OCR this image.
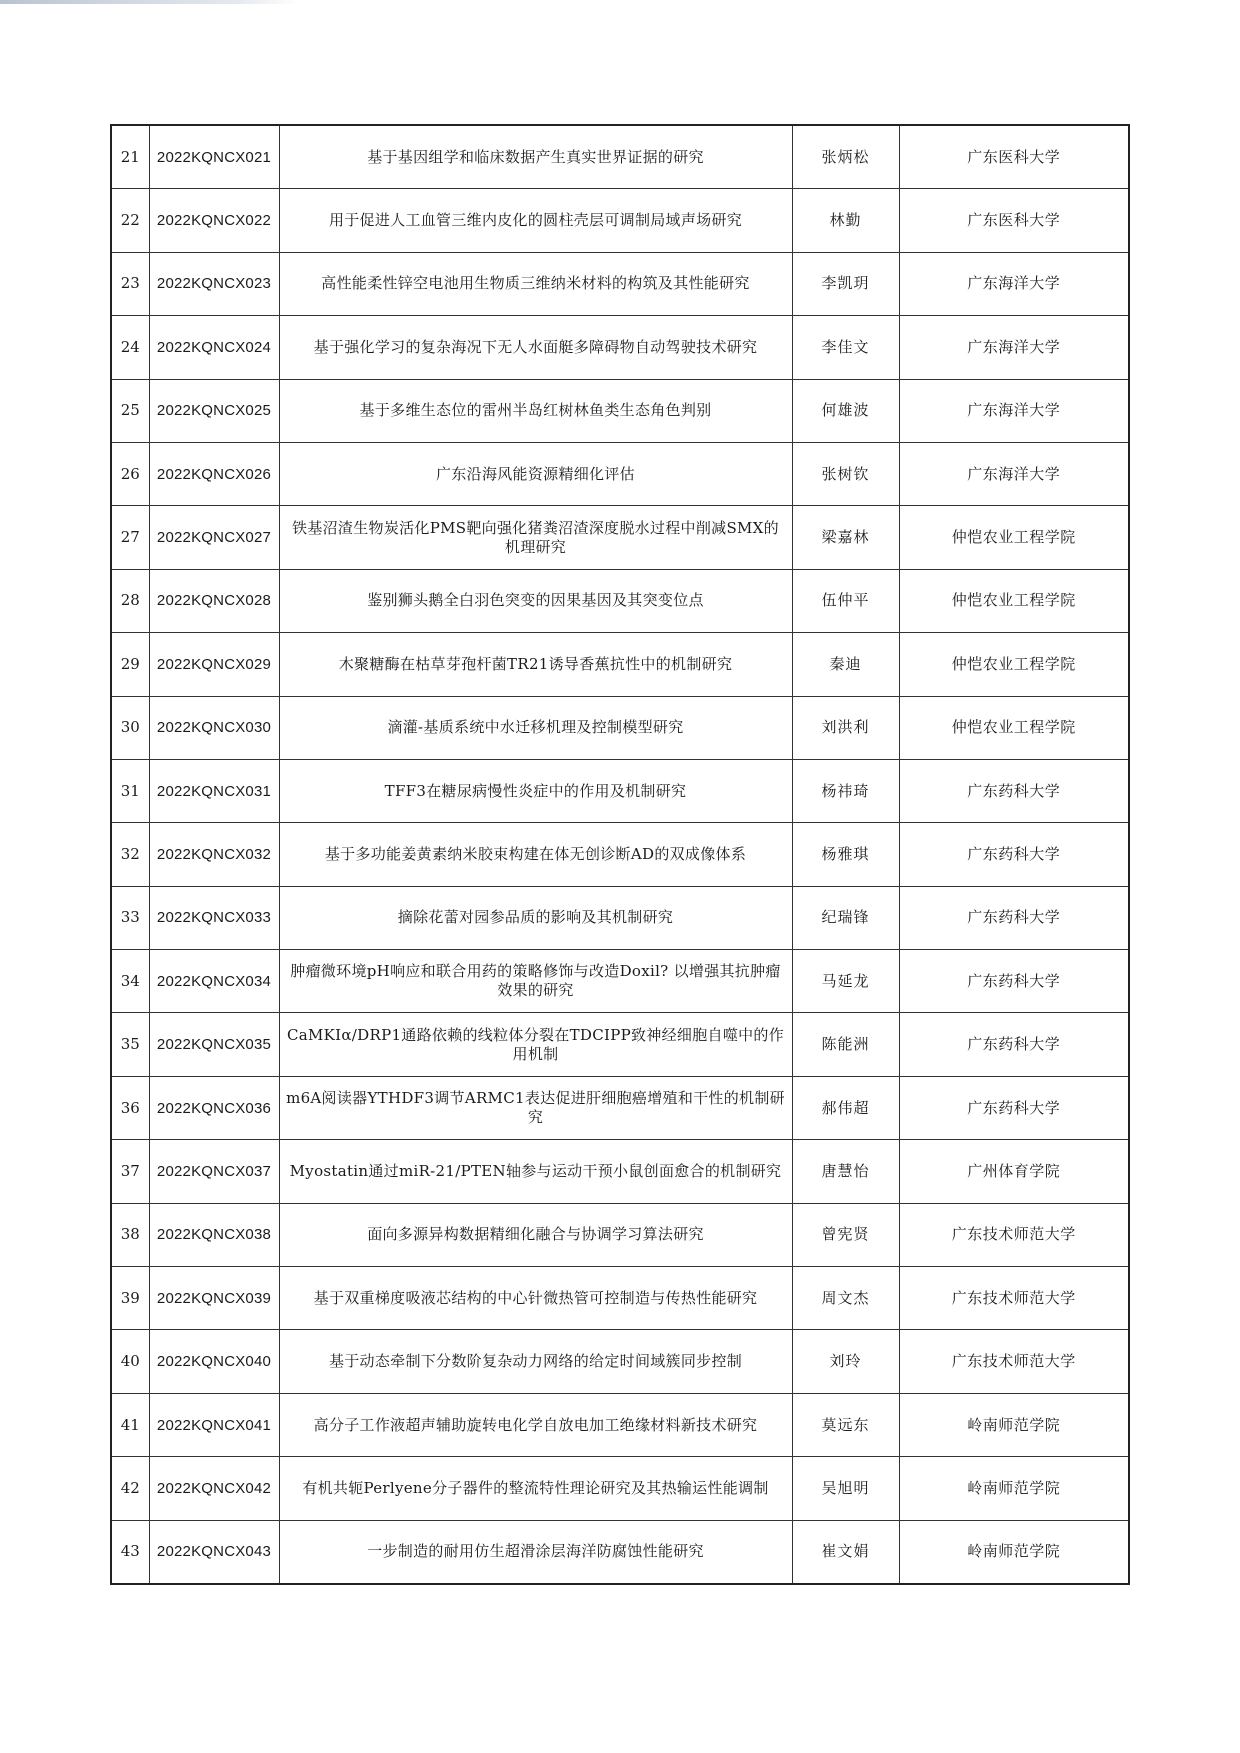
21	2022KQNCX021	基于基因组学和临床数据产生真实世界证据的研究	张炳松	广东医科大学
22	2022KQNCX022	用于促进人工血管三维内皮化的圆柱壳层可调制局域声场研究	林勤	广东医科大学
23	2022KQNCX023	高性能柔性锌空电池用生物质三维纳米材料的构筑及其性能研究	李凯玥	广东海洋大学
24	2022KQNCX024	基于强化学习的复杂海况下无人水面艇多障碍物自动驾驶技术研究	李佳文	广东海洋大学
25	2022KQNCX025	基于多维生态位的雷州半岛红树林鱼类生态角色判别	何雄波	广东海洋大学
26	2022KQNCX026	广东沿海风能资源精细化评估	张树钦	广东海洋大学
27	2022KQNCX027	铁基沼渣生物炭活化PMS靶向强化猪粪沼渣深度脱水过程中削减SMX的机理研究	梁嘉林	仲恺农业工程学院
28	2022KQNCX028	鉴别狮头鹅全白羽色突变的因果基因及其突变位点	伍仲平	仲恺农业工程学院
29	2022KQNCX029	木聚糖酶在枯草芽孢杆菌TR21诱导香蕉抗性中的机制研究	秦迪	仲恺农业工程学院
30	2022KQNCX030	滴灌-基质系统中水迁移机理及控制模型研究	刘洪利	仲恺农业工程学院
31	2022KQNCX031	TFF3在糖尿病慢性炎症中的作用及机制研究	杨祎琦	广东药科大学
32	2022KQNCX032	基于多功能姜黄素纳米胶束构建在体无创诊断AD的双成像体系	杨雅琪	广东药科大学
33	2022KQNCX033	摘除花蕾对园参品质的影响及其机制研究	纪瑞锋	广东药科大学
34	2022KQNCX034	肿瘤微环境pH响应和联合用药的策略修饰与改造Doxil? 以增强其抗肿瘤效果的研究	马延龙	广东药科大学
35	2022KQNCX035	CaMKIα/DRP1通路依赖的线粒体分裂在TDCIPP致神经细胞自噬中的作用机制	陈能洲	广东药科大学
36	2022KQNCX036	m6A阅读器YTHDF3调节ARMC1表达促进肝细胞癌增殖和干性的机制研究	郝伟超	广东药科大学
37	2022KQNCX037	Myostatin通过miR-21/PTEN轴参与运动干预小鼠创面愈合的机制研究	唐慧怡	广州体育学院
38	2022KQNCX038	面向多源异构数据精细化融合与协调学习算法研究	曾宪贤	广东技术师范大学
39	2022KQNCX039	基于双重梯度吸液芯结构的中心针微热管可控制造与传热性能研究	周文杰	广东技术师范大学
40	2022KQNCX040	基于动态牵制下分数阶复杂动力网络的给定时间域簇同步控制	刘玲	广东技术师范大学
41	2022KQNCX041	高分子工作液超声辅助旋转电化学自放电加工绝缘材料新技术研究	莫远东	岭南师范学院
42	2022KQNCX042	有机共轭Perlyene分子器件的整流特性理论研究及其热输运性能调制	吴旭明	岭南师范学院
43	2022KQNCX043	一步制造的耐用仿生超滑涂层海洋防腐蚀性能研究	崔文娟	岭南师范学院
